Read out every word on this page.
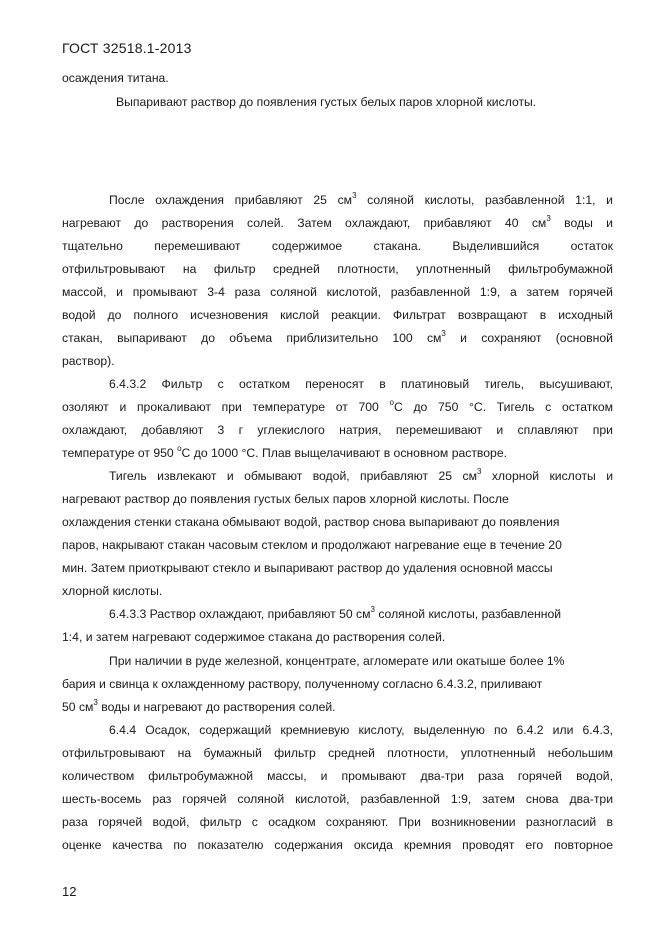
ГОСТ 32518.1-2013
осаждения титана.
Выпаривают раствор до появления густых белых паров хлорной кислоты.
После охлаждения прибавляют 25 $см^3$ соляной кислоты, разбавленной 1:1, и
нагревают до растворения солей. Затем охлаждают, прибавляют 40 $см^3$ воды и
тщательно перемешивают содержимое стакана. Выделившийся остаток
отфильтровывают на фильтр средней плотности, уплотненный фильтробумажной
массой, и промывают 3-4 раза соляной кислотой, разбавленной 1:9, а затем горячей
водой до полного исчезновения кислой реакции. Фильтрат возвращают в исходный
стакан, выпаривают до объема приблизительно 100 $см^3$ и сохраняют (основной
раствор).
6.4.3.2 Фильтр с остатком переносят в платиновый тигель, высушивают,
озоляют и прокаливают при температуре от 700 $^о$С до 750 °С. Тигель с остатком
охлаждают, добавляют 3 г углекислого натрия, перемешивают и сплавляют при
температуре от 950 $^о$С до 1000 °С. Плав выщелачивают в основном растворе.
Тигель извлекают и обмывают водой, прибавляют 25 $см^3$ хлорной кислоты и
нагревают раствор до появления густых белых паров хлорной кислоты. После
охлаждения стенки стакана обмывают водой, раствор снова выпаривают до появления
паров, накрывают стакан часовым стеклом и продолжают нагревание еще в течение 20
мин. Затем приоткрывают стекло и выпаривают раствор до удаления основной массы
хлорной кислоты.
6.4.3.3 Раствор охлаждают, прибавляют 50 $см^3$ соляной кислоты, разбавленной
1:4, и затем нагревают содержимое стакана до растворения солей.
При наличии в руде железной, концентрате, агломерате или окатыше более 1%
бария и свинца к охлажденному раствору, полученному согласно 6.4.3.2, приливают
50 $см^3$ воды и нагревают до растворения солей.
6.4.4 Осадок, содержащий кремниевую кислоту, выделенную по 6.4.2 или 6.4.3,
отфильтровывают на бумажный фильтр средней плотности, уплотненный небольшим
количеством фильтробумажной массы, и промывают два-три раза горячей водой,
шесть-восемь раз горячей соляной кислотой, разбавленной 1:9, затем снова два-три
раза горячей водой, фильтр с осадком сохраняют. При возникновении разногласий в
оценке качества по показателю содержания оксида кремния проводят его повторное
12
